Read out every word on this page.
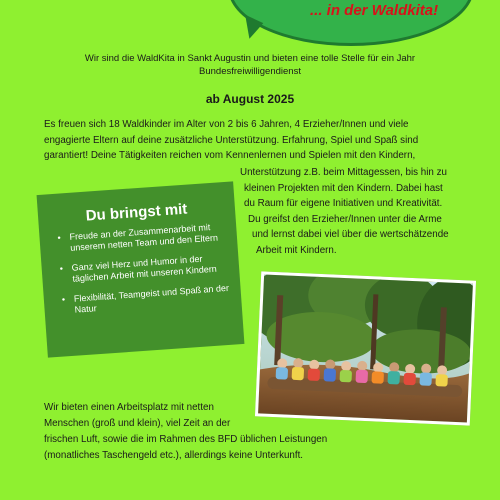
... in der Waldkita!
Wir sind die WaldKita in Sankt Augustin und bieten eine tolle Stelle für ein Jahr
Bundesfreiwilligendienst
ab August 2025
Es freuen sich 18 Waldkinder im Alter von 2 bis 6 Jahren, 4 Erzieher/Innen und viele
engagierte Eltern auf deine zusätzliche Unterstützung. Erfahrung, Spiel und Spaß sind
garantiert! Deine Tätigkeiten reichen vom Kennenlernen und Spielen mit den Kindern,
Unterstützung z.B. beim Mittagessen, bis hin zu
kleinen Projekten mit den Kindern. Dabei hast
du Raum für eigene Initiativen und Kreativität.
Du greifst den Erzieher/Innen unter die Arme
und lernst dabei viel über die wertschätzende
Arbeit mit Kindern.
Du bringst mit
• Freude an der Zusammenarbeit mit unserem netten Team und den Eltern
• Ganz viel Herz und Humor in der täglichen Arbeit mit unseren Kindern
• Flexibilität, Teamgeist und Spaß an der Natur
Wir bieten einen Arbeitsplatz mit netten
Menschen (groß und klein), viel Zeit an der
frischen Luft, sowie die im Rahmen des BFD üblichen Leistungen
(monatliches Taschengeld etc.), allerdings keine Unterkunft.
